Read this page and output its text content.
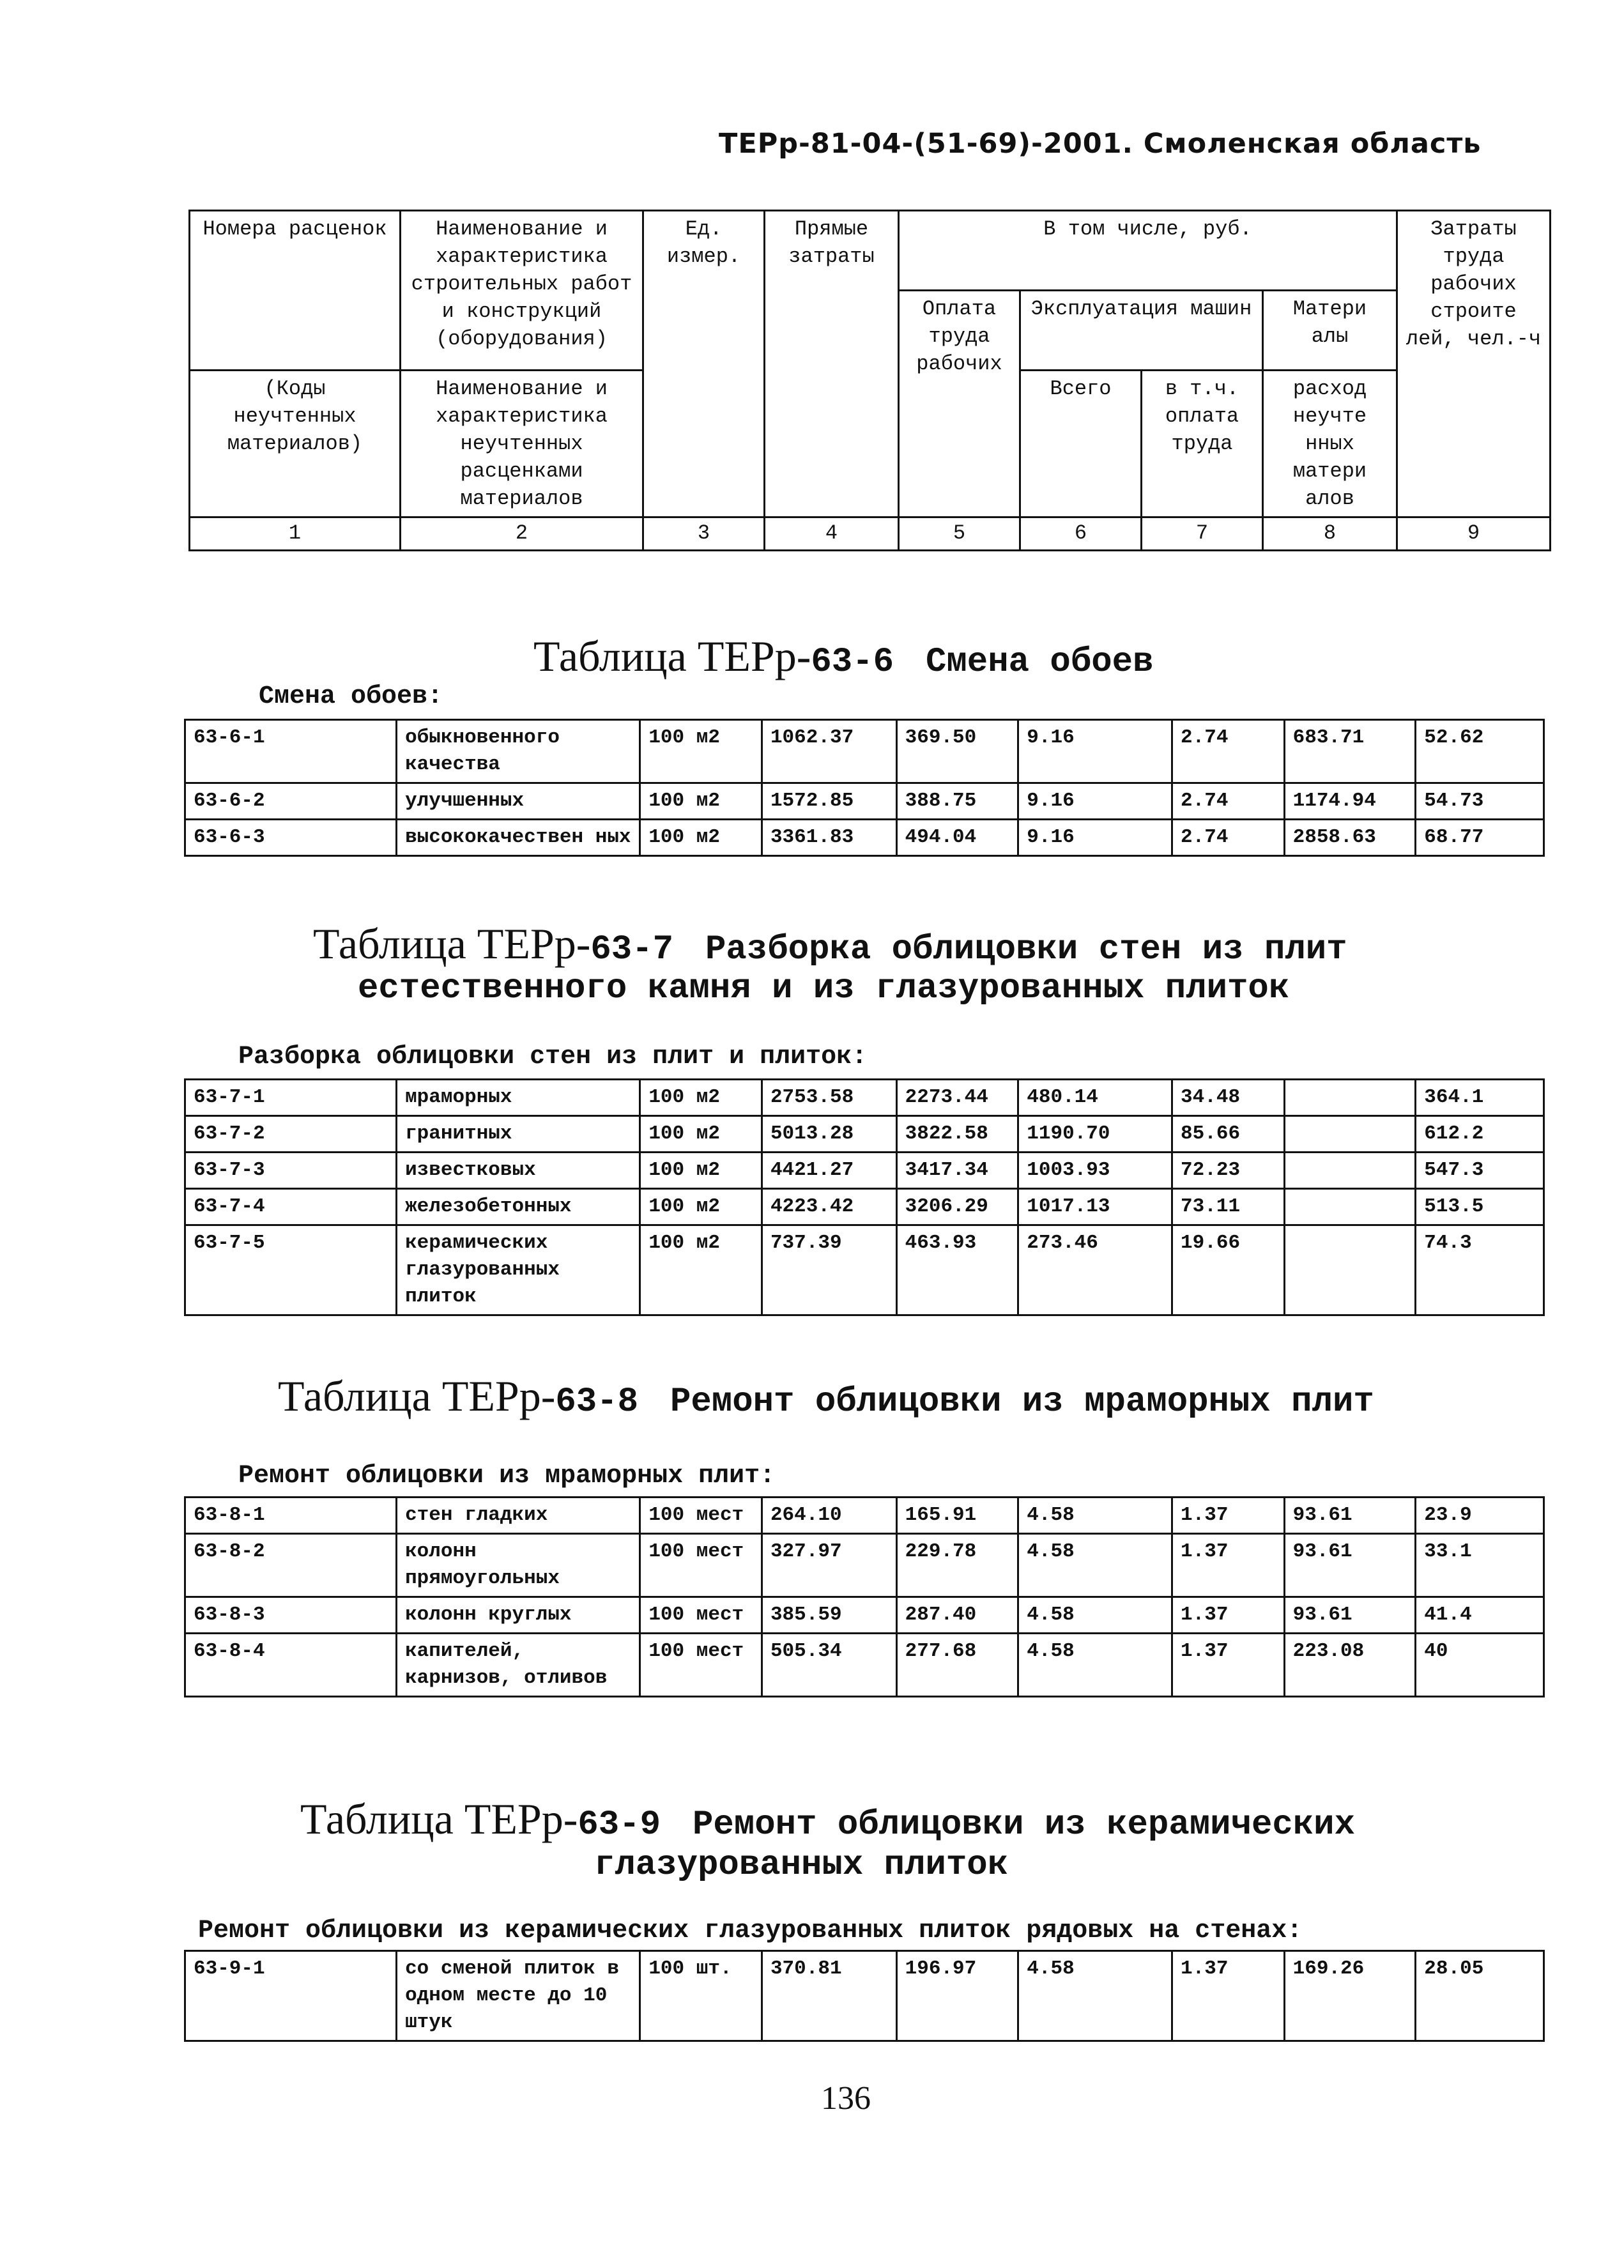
ТЕРр-81-04-(51-69)-2001. Смоленская область
Номера расценок	Наименование и характеристика строительных работ и конструкций (оборудования)	Ед. измер.	Прямые затраты	В том числе, руб.				Затраты труда рабочих строите лей, чел.-ч
				Оплата труда рабочих	Эксплуатация машин		Матери алы	
(Коды неучтенных материалов)	Наименование и характеристика неучтенных расценками материалов				Всего	в т.ч. оплата труда	расход неучте нных матери алов	
1	2	3	4	5	6	7	8	9
Таблица ТЕРр-63-6 Смена обоев
Смена обоев:
63-6-1	обыкновенного качества	100 м2	1062.37	369.50	9.16	2.74	683.71	52.62
63-6-2	улучшенных	100 м2	1572.85	388.75	9.16	2.74	1174.94	54.73
63-6-3	высококачествен ных	100 м2	3361.83	494.04	9.16	2.74	2858.63	68.77
Таблица ТЕРр-63-7 Разборка облицовки стен из плит
естественного камня и из глазурованных плиток
Разборка облицовки стен из плит и плиток:
63-7-1	мраморных	100 м2	2753.58	2273.44	480.14	34.48		364.1
63-7-2	гранитных	100 м2	5013.28	3822.58	1190.70	85.66		612.2
63-7-3	известковых	100 м2	4421.27	3417.34	1003.93	72.23		547.3
63-7-4	железобетонных	100 м2	4223.42	3206.29	1017.13	73.11		513.5
63-7-5	керамических глазурованных плиток	100 м2	737.39	463.93	273.46	19.66		74.3
Таблица ТЕРр-63-8 Ремонт облицовки из мраморных плит
Ремонт облицовки из мраморных плит:
63-8-1	стен гладких	100 мест	264.10	165.91	4.58	1.37	93.61	23.9
63-8-2	колонн прямоугольных	100 мест	327.97	229.78	4.58	1.37	93.61	33.1
63-8-3	колонн круглых	100 мест	385.59	287.40	4.58	1.37	93.61	41.4
63-8-4	капителей, карнизов, отливов	100 мест	505.34	277.68	4.58	1.37	223.08	40
Таблица ТЕРр-63-9 Ремонт облицовки из керамических
глазурованных плиток
Ремонт облицовки из керамических глазурованных плиток рядовых на стенах:
63-9-1	со сменой плиток в одном месте до 10 штук	100 шт.	370.81	196.97	4.58	1.37	169.26	28.05
136
